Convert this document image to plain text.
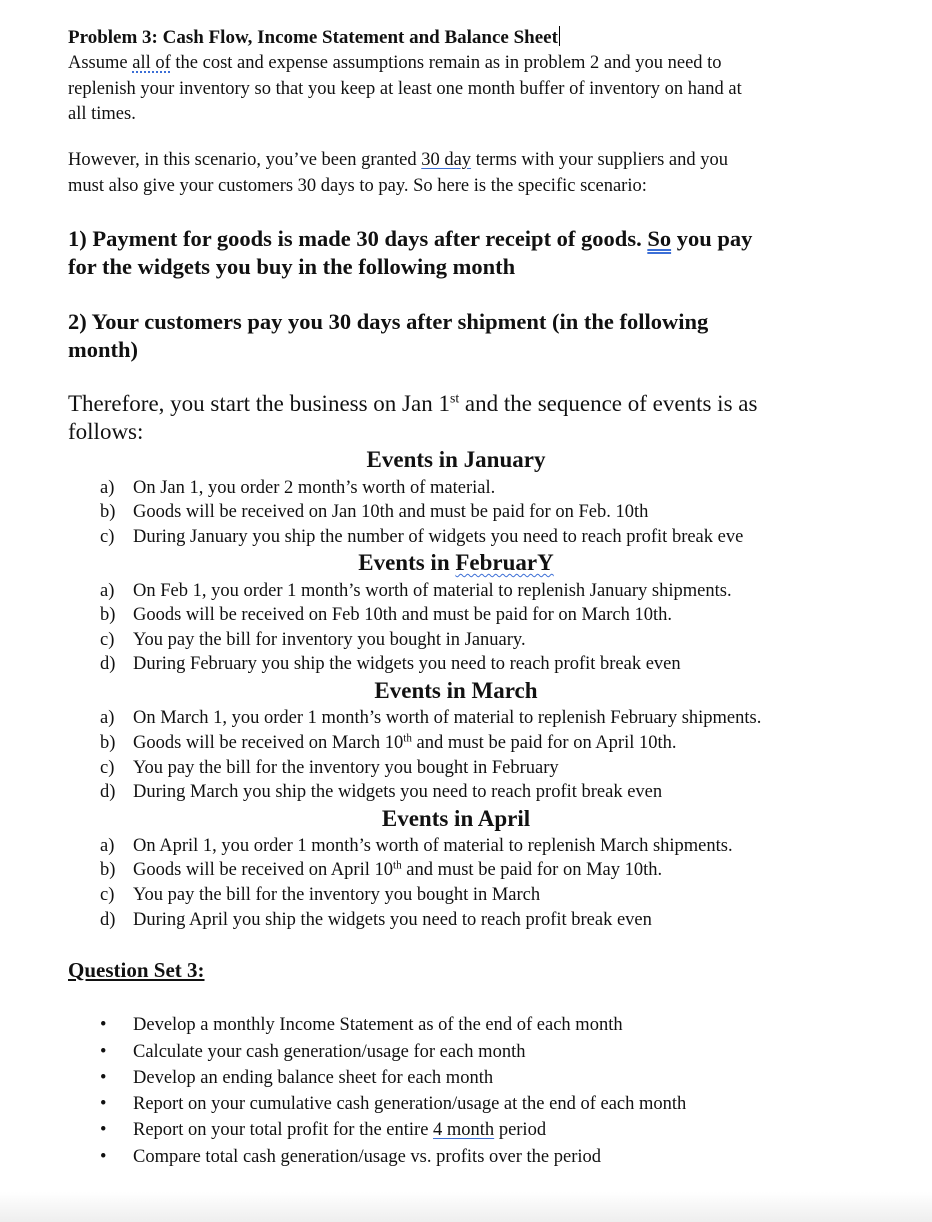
Problem 3: Cash Flow, Income Statement and Balance Sheet
Assume all of the cost and expense assumptions remain as in problem 2 and you need to
replenish your inventory so that you keep at least one month buffer of inventory on hand at
all times.
However, in this scenario, you’ve been granted 30 day terms with your suppliers and you
must also give your customers 30 days to pay. So here is the specific scenario:
1) Payment for goods is made 30 days after receipt of goods. So you pay
for the widgets you buy in the following month
2) Your customers pay you 30 days after shipment (in the following
month)
Therefore, you start the business on Jan 1st and the sequence of events is as
follows:
Events in January
a) On Jan 1, you order 2 month’s worth of material.
b) Goods will be received on Jan 10th and must be paid for on Feb. 10th
c) During January you ship the number of widgets you need to reach profit break eve
Events in FebruarY
a) On Feb 1, you order 1 month’s worth of material to replenish January shipments.
b) Goods will be received on Feb 10th and must be paid for on March 10th.
c) You pay the bill for inventory you bought in January.
d) During February you ship the widgets you need to reach profit break even
Events in March
a) On March 1, you order 1 month’s worth of material to replenish February shipments.
b) Goods will be received on March 10th and must be paid for on April 10th.
c) You pay the bill for the inventory you bought in February
d) During March you ship the widgets you need to reach profit break even
Events in April
a) On April 1, you order 1 month’s worth of material to replenish March shipments.
b) Goods will be received on April 10th and must be paid for on May 10th.
c) You pay the bill for the inventory you bought in March
d) During April you ship the widgets you need to reach profit break even
Question Set 3:
• Develop a monthly Income Statement as of the end of each month
• Calculate your cash generation/usage for each month
• Develop an ending balance sheet for each month
• Report on your cumulative cash generation/usage at the end of each month
• Report on your total profit for the entire 4 month period
• Compare total cash generation/usage vs. profits over the period
